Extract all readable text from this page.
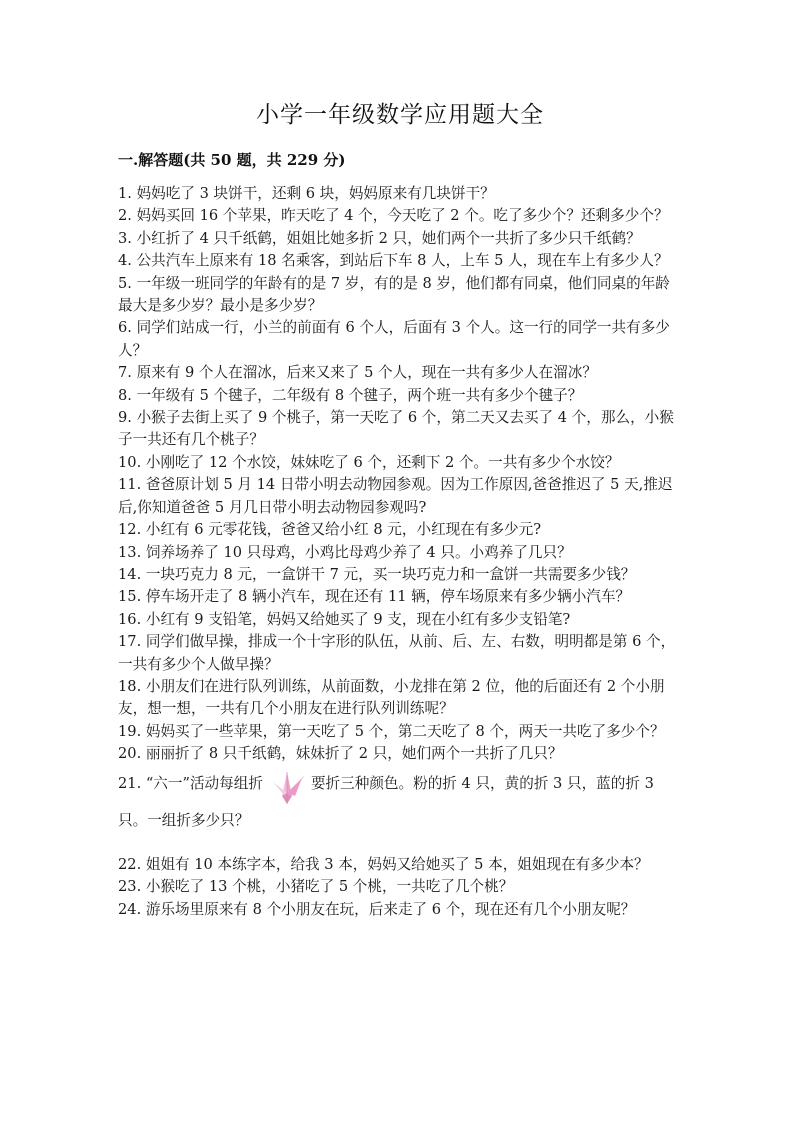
小学一年级数学应用题大全
一.解答题(共 50 题，共 229 分)

1. 妈妈吃了 3 块饼干，还剩 6 块，妈妈原来有几块饼干？

2. 妈妈买回 16 个苹果，昨天吃了 4 个，今天吃了 2 个。吃了多少个？还剩多少个？

3. 小红折了 4 只千纸鹤，姐姐比她多折 2 只，她们两个一共折了多少只千纸鹤？

4. 公共汽车上原来有 18 名乘客，到站后下车 8 人，上车 5 人，现在车上有多少人？

5. 一年级一班同学的年龄有的是 7 岁，有的是 8 岁，他们都有同桌，他们同桌的年龄最大是多少岁？最小是多少岁？

6. 同学们站成一行，小兰的前面有 6 个人，后面有 3 个人。这一行的同学一共有多少人？

7. 原来有 9 个人在溜冰，后来又来了 5 个人，现在一共有多少人在溜冰？

8. 一年级有 5 个毽子，二年级有 8 个毽子，两个班一共有多少个毽子？

9. 小猴子去街上买了 9 个桃子，第一天吃了 6 个，第二天又去买了 4 个，那么，小猴子一共还有几个桃子？

10. 小刚吃了 12 个水饺，妹妹吃了 6 个，还剩下 2 个。一共有多少个水饺？

11. 爸爸原计划 5 月 14 日带小明去动物园参观。因为工作原因,爸爸推迟了 5 天,推迟后,你知道爸爸 5 月几日带小明去动物园参观吗?

12. 小红有 6 元零花钱，爸爸又给小红 8 元，小红现在有多少元?

13. 饲养场养了 10 只母鸡，小鸡比母鸡少养了 4 只。小鸡养了几只？

14. 一块巧克力 8 元，一盒饼干 7 元，买一块巧克力和一盒饼一共需要多少钱？

15. 停车场开走了 8 辆小汽车，现在还有 11 辆，停车场原来有多少辆小汽车？

16. 小红有 9 支铅笔，妈妈又给她买了 9 支，现在小红有多少支铅笔?

17. 同学们做早操，排成一个十字形的队伍，从前、后、左、右数，明明都是第 6 个，一共有多少个人做早操？

18. 小朋友们在进行队列训练，从前面数，小龙排在第 2 位，他的后面还有 2 个小朋友，想一想，一共有几个小朋友在进行队列训练呢？

19. 妈妈买了一些苹果，第一天吃了 5 个，第二天吃了 8 个，两天一共吃了多少个？

20. 丽丽折了 8 只千纸鹤，妹妹折了 2 只，她们两个一共折了几只？

21. “六一”活动每组折	要折三种颜色。粉的折 4 只，黄的折 3 只，蓝的折 3 只。一组折多少只？

22. 姐姐有 10 本练字本，给我 3 本，妈妈又给她买了 5 本，姐姐现在有多少本？

23. 小猴吃了 13 个桃，小猪吃了 5 个桃，一共吃了几个桃？

24. 游乐场里原来有 8 个小朋友在玩，后来走了 6 个，现在还有几个小朋友呢？
